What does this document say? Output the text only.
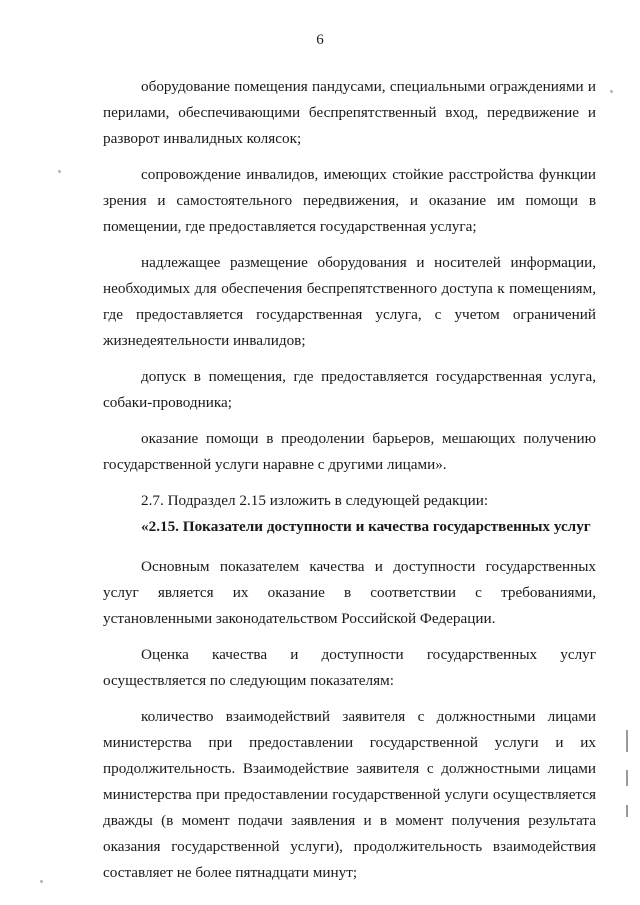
6

оборудование помещения пандусами, специальными ограждениями и перилами, обеспечивающими беспрепятственный вход, передвижение и разворот инвалидных колясок;

сопровождение инвалидов, имеющих стойкие расстройства функции зрения и самостоятельного передвижения, и оказание им помощи в помещении, где предоставляется государственная услуга;

надлежащее размещение оборудования и носителей информации, необходимых для обеспечения беспрепятственного доступа к помещениям, где предоставляется государственная услуга, с учетом ограничений жизнедеятельности инвалидов;

допуск в помещения, где предоставляется государственная услуга, собаки-проводника;

оказание помощи в преодолении барьеров, мешающих получению государственной услуги наравне с другими лицами».

2.7. Подраздел 2.15 изложить в следующей редакции:

«2.15. Показатели доступности и качества государственных услуг

Основным показателем качества и доступности государственных услуг является их оказание в соответствии с требованиями, установленными законодательством Российской Федерации.

Оценка качества и доступности государственных услуг осуществляется по следующим показателям:

количество взаимодействий заявителя с должностными лицами министерства при предоставлении государственной услуги и их продолжительность. Взаимодействие заявителя с должностными лицами министерства при предоставлении государственной услуги осуществляется дважды (в момент подачи заявления и в момент получения результата оказания государственной услуги), продолжительность взаимодействия составляет не более пятнадцати минут;
